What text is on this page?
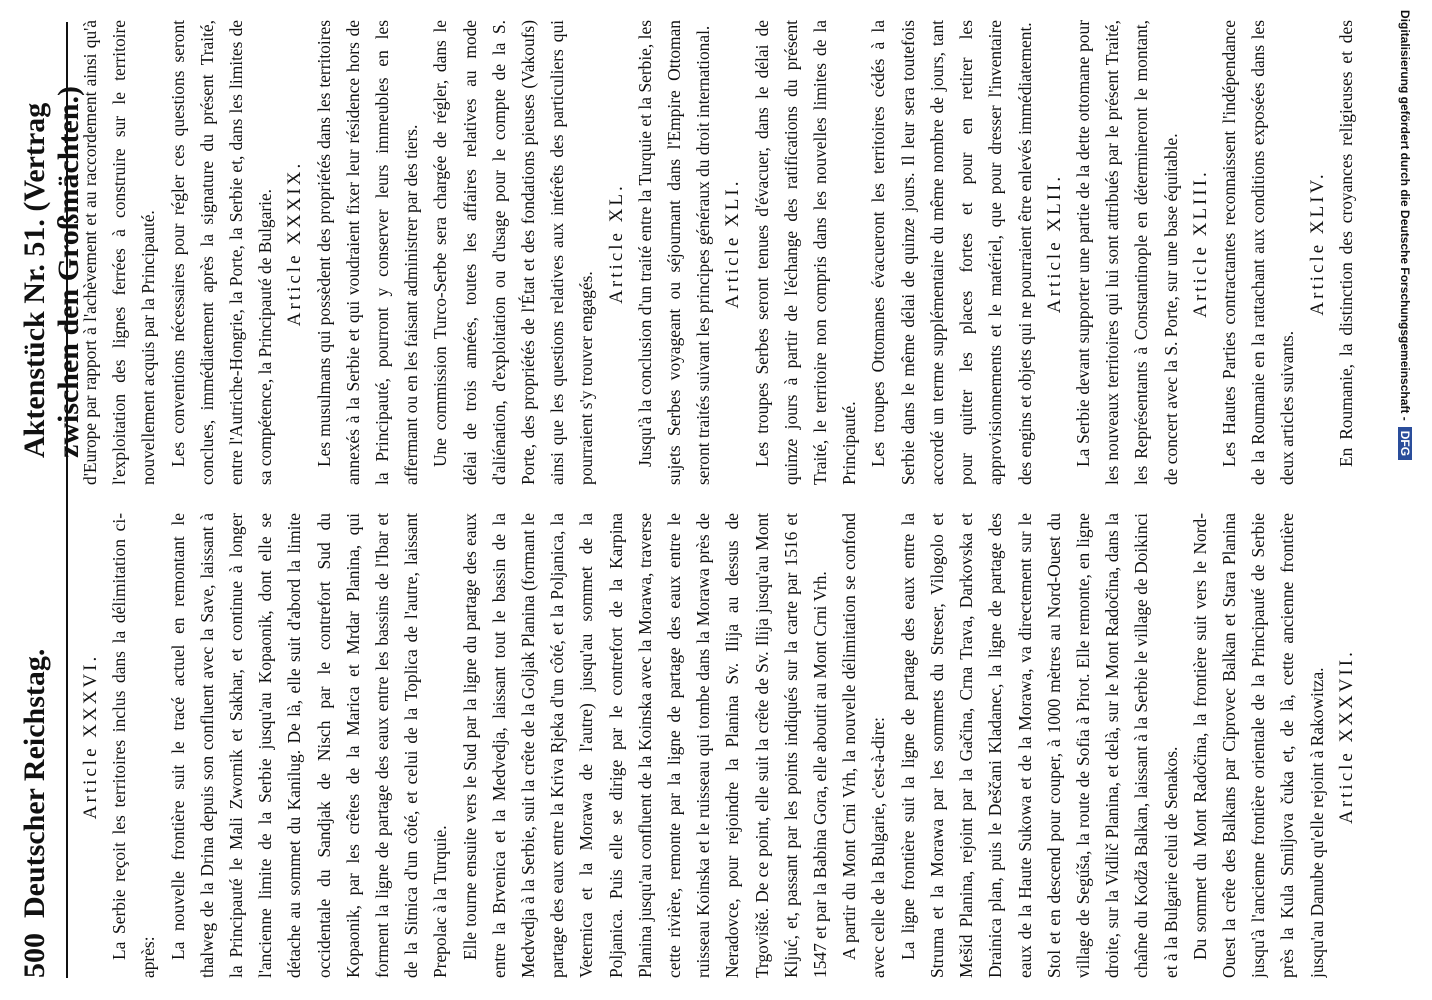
500
Deutscher Reichstag.
Aktenstück Nr. 51. (Vertrag zwischen den Großmächten.)

Article XXXVI. La Serbie reçoit les territoires inclus dans la délimitation ci-après: La nouvelle frontière suit le tracé actuel en remontant le thalweg de la Drina depuis son confluent avec la Save, laissant à la Principauté le Mali Zwornik et Sakhar, et continue à longer l'ancienne limite de la Serbie jusqu'au Kopaonik, dont elle se détache au sommet du Kanilug. De là, elle suit d'abord la limite occidentale du Sandjak de Nisch par le contrefort Sud du Kopaonik, par les crêtes de la Marica et Mrdar Planina, qui forment la ligne de partage des eaux entre les bassins de l'Ibar et de la Sitnica d'un côté, et celui de la Toplica de l'autre, laissant Prepolac à la Turquie. Elle tourne ensuite vers le Sud par la ligne du partage des eaux entre la Brvenica et la Medvedja, laissant tout le bassin de la Medvedja à la Serbie, suit la crête de la Goljak Planina (formant le partage des eaux entre la Kriva Rjeka d'un côté, et la Poljanica, la Veternica et la Morawa de l'autre) jusqu'au sommet de la Poljanica. Puis elle se dirige par le contrefort de la Karpina Planina jusqu'au confluent de la Koinska avec la Morawa, traverse cette rivière, remonte par la ligne de partage des eaux entre le ruisseau Koinska et le ruisseau qui tombe dans la Morawa près de Neradovce, pour rejoindre la Planina Sv. Ilija au dessus de Trgoviště. De ce point, elle suit la crête de Sv. Ilija jusqu'au Mont Kljuć, et, passant par les points indiqués sur la carte par 1516 et 1547 et par la Babina Gora, elle aboutit au Mont Crni Vrh. A partir du Mont Crni Vrh, la nouvelle délimitation se confond avec celle de la Bulgarie, c'est-à-dire: La ligne frontière suit la ligne de partage des eaux entre la Struma et la Morawa par les sommets du Streser, Vilogolo et Mešid Planina, rejoint par la Gačina, Crna Trava, Darkovska et Drainica plan, puis le Deščani Kladanec, la ligne de partage des eaux de la Haute Sukowa et de la Morawa, va directement sur le Stol et en descend pour couper, à 1000 mètres au Nord-Ouest du village de Segúša, la route de Sofia à Pirot. Elle remonte, en ligne droite, sur la Vidlič Planina, et delà, sur le Mont Radočina, dans la chaîne du Kodža Balkan, laissant à la Serbie le village de Doikinci et à la Bulgarie celui de Senakos. Du sommet du Mont Radočina, la frontière suit vers le Nord-Ouest la crête des Balkans par Ciprovec Balkan et Stara Planina jusqu'à l'ancienne frontière orientale de la Principauté de Serbie près la Kula Smiljova čuka et, de là, cette ancienne frontière jusqu'au Danube qu'elle rejoint à Rakowitza. Article XXXVII.

d'Europe par rapport à l'achèvement et au raccordement ainsi qu'à l'exploitation des lignes ferrées à construire sur le territoire nouvellement acquis par la Principauté. Les conventions nécessaires pour régler ces questions seront conclues, immédiatement après la signature du présent Traité, entre l'Autriche-Hongrie, la Porte, la Serbie et, dans les limites de sa compétence, la Principauté de Bulgarie. Article XXXIX. Les musulmans qui possèdent des propriétés dans les territoires annexés à la Serbie et qui voudraient fixer leur résidence hors de la Principauté, pourront y conserver leurs immeubles en les affermant ou en les faisant administrer par des tiers. Une commission Turco-Serbe sera chargée de régler, dans le délai de trois années, toutes les affaires relatives au mode d'aliénation, d'exploitation ou d'usage pour le compte de la S. Porte, des propriétés de l'État et des fondations pieuses (Vakoufs) ainsi que les questions relatives aux intérêts des particuliers qui pourraient s'y trouver engagés.

Article XL. Jusqu'à la conclusion d'un traité entre la Turquie et la Serbie, les sujets Serbes voyageant ou séjournant dans l'Empire Ottoman seront traités suivant les principes généraux du droit international. Article XLI. Les troupes Serbes seront tenues d'évacuer, dans le délai de quinze jours à partir de l'échange des ratifications du présent Traité, le territoire non compris dans les nouvelles limites de la Principauté. Les troupes Ottomanes évacueront les territoires cédés à la Serbie dans le même délai de quinze jours. Il leur sera toutefois accordé un terme supplémentaire du même nombre de jours, tant pour quitter les places fortes et pour en retirer les approvisionnements et le matériel, que pour dresser l'inventaire des engins et objets qui ne pourraient être enlevés immédiatement. Article XLII. La Serbie devant supporter une partie de la dette ottomane pour les nouveaux territoires qui lui sont attribués par le présent Traité, les Représentants à Constantinople en détermineront le montant, de concert avec la S. Porte, sur une base équitable. Article XLIII. Les Hautes Parties contractantes reconnaissent l'indépendance de la Roumanie en la rattachant aux conditions exposées dans les deux articles suivants.

Article XLIV.

En Roumanie, la distinction des croyances religieuses et des	Digitalisierung gefördert durch die Deutsche Forschungsgemeinschaft -DFG
